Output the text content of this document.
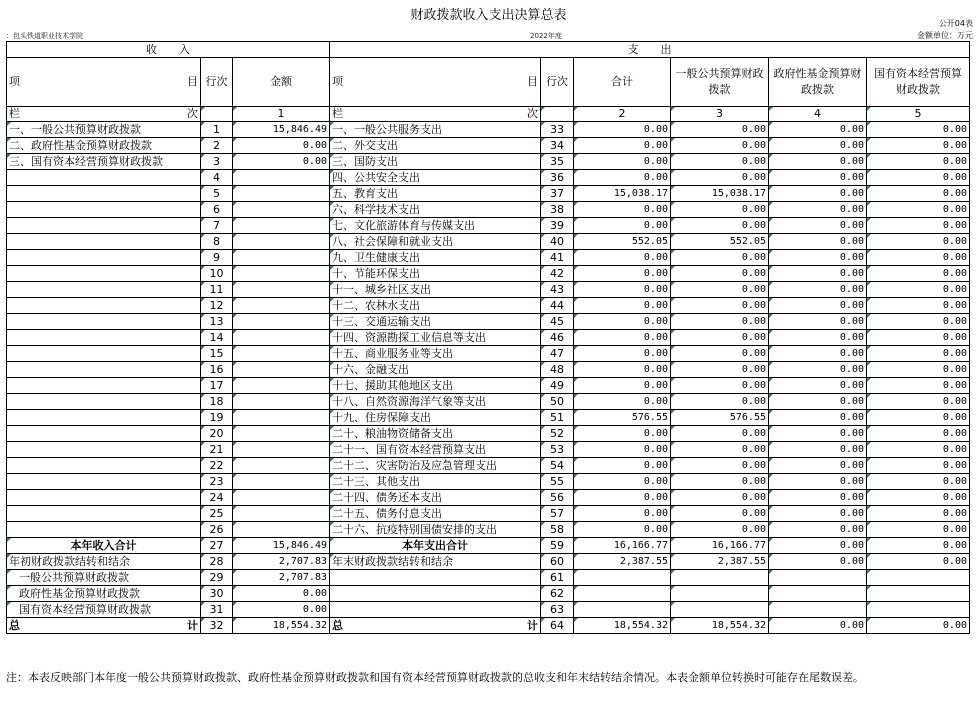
财政拨款收入支出决算总表
公开04表
金额单位：万元
：包头铁道职业技术学院	2022年度
收　　入			支　　出					

项 目	行次	金额	项 目	行次	合计	一般公共预算财政拨款	政府性基金预算财政拨款	国有资本经营预算财政拨款

栏 次		1	栏 次		2	3	4	5
一、一般公共预算财政拨款	1	15,846.49	一、一般公共服务支出	33	0.00	0.00	0.00	0.00
二、政府性基金预算财政拨款	2	0.00	二、外交支出	34	0.00	0.00	0.00	0.00
三、国有资本经营预算财政拨款	3	0.00	三、国防支出	35	0.00	0.00	0.00	0.00
	4		四、公共安全支出	36	0.00	0.00	0.00	0.00
	5		五、教育支出	37	15,038.17	15,038.17	0.00	0.00
	6		六、科学技术支出	38	0.00	0.00	0.00	0.00
	7		七、文化旅游体育与传媒支出	39	0.00	0.00	0.00	0.00
	8		八、社会保障和就业支出	40	552.05	552.05	0.00	0.00
	9		九、卫生健康支出	41	0.00	0.00	0.00	0.00
	10		十、节能环保支出	42	0.00	0.00	0.00	0.00
	11		十一、城乡社区支出	43	0.00	0.00	0.00	0.00
	12		十二、农林水支出	44	0.00	0.00	0.00	0.00
	13		十三、交通运输支出	45	0.00	0.00	0.00	0.00
	14		十四、资源勘探工业信息等支出	46	0.00	0.00	0.00	0.00
	15		十五、商业服务业等支出	47	0.00	0.00	0.00	0.00
	16		十六、金融支出	48	0.00	0.00	0.00	0.00
	17		十七、援助其他地区支出	49	0.00	0.00	0.00	0.00
	18		十八、自然资源海洋气象等支出	50	0.00	0.00	0.00	0.00
	19		十九、住房保障支出	51	576.55	576.55	0.00	0.00
	20		二十、粮油物资储备支出	52	0.00	0.00	0.00	0.00
	21		二十一、国有资本经营预算支出	53	0.00	0.00	0.00	0.00
	22		二十二、灾害防治及应急管理支出	54	0.00	0.00	0.00	0.00
	23		二十三、其他支出	55	0.00	0.00	0.00	0.00
	24		二十四、债务还本支出	56	0.00	0.00	0.00	0.00
	25		二十五、债务付息支出	57	0.00	0.00	0.00	0.00
	26		二十六、抗疫特别国债安排的支出	58	0.00	0.00	0.00	0.00
本年收入合计	27	15,846.49	本年支出合计	59	16,166.77	16,166.77	0.00	0.00
年初财政拨款结转和结余	28	2,707.83	年末财政拨款结转和结余	60	2,387.55	2,387.55	0.00	0.00
一般公共预算财政拨款	29	2,707.83		61				
政府性基金预算财政拨款	30	0.00		62				
国有资本经营预算财政拨款	31	0.00		63				

总 计	32	18,554.32	总 计	64	18,554.32	18,554.32	0.00	0.00
注：本表反映部门本年度一般公共预算财政拨款、政府性基金预算财政拨款和国有资本经营预算财政拨款的总收支和年末结转结余情况。本表金额单位转换时可能存在尾数误差。
